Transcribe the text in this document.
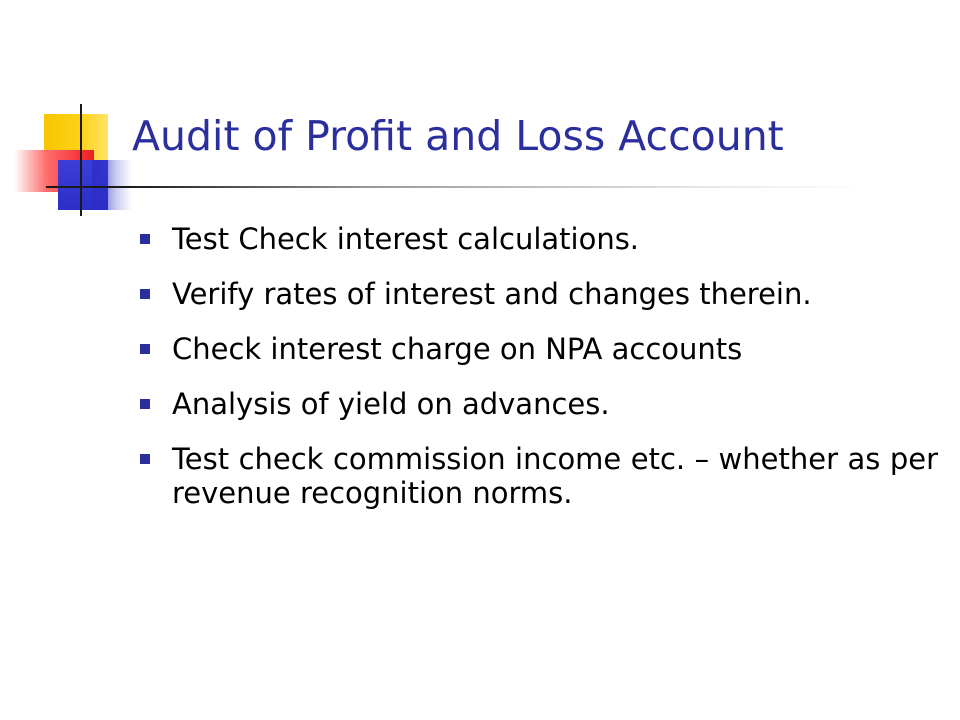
Audit of Profit and Loss Account
Test Check interest calculations.
Verify rates of interest and changes therein.
Check interest charge on NPA accounts
Analysis of yield on advances.
Test check commission income etc. – whether as per revenue recognition norms.
